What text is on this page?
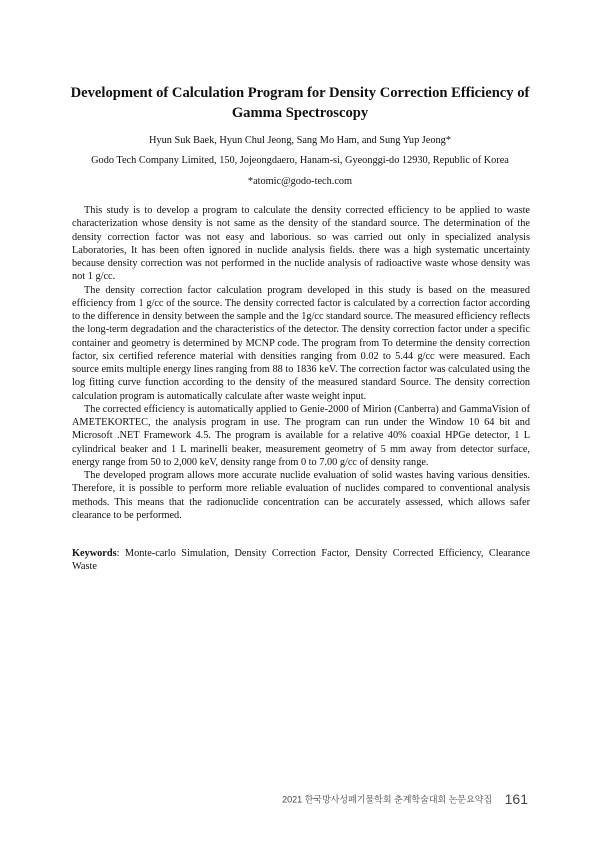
Development of Calculation Program for Density Correction Efficiency of Gamma Spectroscopy
Hyun Suk Baek, Hyun Chul Jeong, Sang Mo Ham, and Sung Yup Jeong*
Godo Tech Company Limited, 150, Jojeongdaero, Hanam-si, Gyeonggi-do 12930, Republic of Korea
*atomic@godo-tech.com

This study is to develop a program to calculate the density corrected efficiency to be applied to waste characterization whose density is not same as the density of the standard source. The determination of the density correction factor was not easy and laborious. so was carried out only in specialized analysis Laboratories, It has been often ignored in nuclide analysis fields. there was a high systematic uncertainty because density correction was not performed in the nuclide analysis of radioactive waste whose density was not 1 g/cc.

The density correction factor calculation program developed in this study is based on the measured efficiency from 1 g/cc of the source. The density corrected factor is calculated by a correction factor according to the difference in density between the sample and the 1g/cc standard source. The measured efficiency reflects the long-term degradation and the characteristics of the detector. The density correction factor under a specific container and geometry is determined by MCNP code. The program from To determine the density correction factor, six certified reference material with densities ranging from 0.02 to 5.44 g/cc were measured. Each source emits multiple energy lines ranging from 88 to 1836 keV. The correction factor was calculated using the log fitting curve function according to the density of the measured standard Source. The density correction calculation program is automatically calculate after waste weight input.

The corrected efficiency is automatically applied to Genie-2000 of Mirion (Canberra) and GammaVision of AMETEKORTEC, the analysis program in use. The program can run under the Window 10 64 bit and Microsoft .NET Framework 4.5. The program is available for a relative 40% coaxial HPGe detector, 1 L cylindrical beaker and 1 L marinelli beaker, measurement geometry of 5 mm away from detector surface, energy range from 50 to 2,000 keV, density range from 0 to 7.00 g/cc of density range.

The developed program allows more accurate nuclide evaluation of solid wastes having various densities. Therefore, it is possible to perform more reliable evaluation of nuclides compared to conventional analysis methods. This means that the radionuclide concentration can be accurately assessed, which allows safer clearance to be performed.

Keywords: Monte-carlo Simulation, Density Correction Factor, Density Corrected Efficiency, Clearance Waste
2021 한국방사성폐기물학회 춘계학술대회 논문요약집 161
